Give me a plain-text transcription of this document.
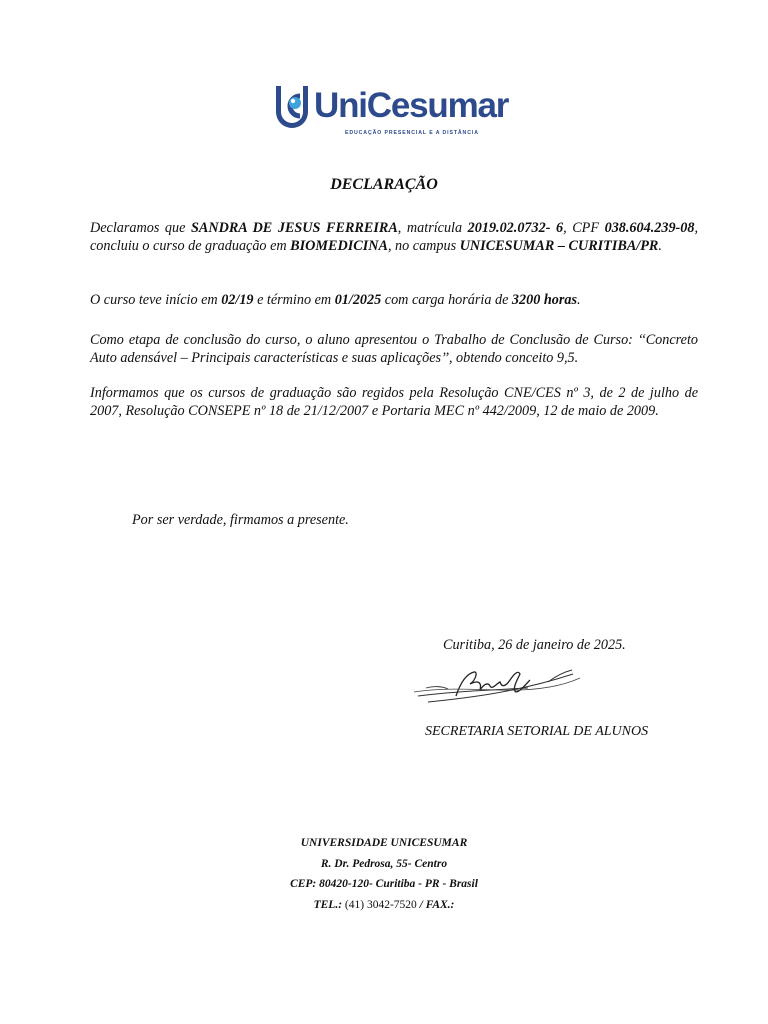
UniCesumar
EDUCAÇÃO PRESENCIAL E A DISTÂNCIA
DECLARAÇÃO
Declaramos que SANDRA DE JESUS FERREIRA, matrícula 2019.02.0732- 6, CPF 038.604.239-08, concluiu o curso de graduação em BIOMEDICINA, no campus UNICESUMAR – CURITIBA/PR.
O curso teve início em 02/19 e término em 01/2025 com carga horária de 3200 horas.
Como etapa de conclusão do curso, o aluno apresentou o Trabalho de Conclusão de Curso: ‘‘Concreto Auto adensável – Principais características e suas aplicações’’, obtendo conceito 9,5.
Informamos que os cursos de graduação são regidos pela Resolução CNE/CES nº 3, de 2 de julho de 2007, Resolução CONSEPE nº 18 de 21/12/2007 e Portaria MEC nº 442/2009, 12 de maio de 2009.
Por ser verdade, firmamos a presente.
Curitiba, 26 de janeiro de 2025.
SECRETARIA SETORIAL DE ALUNOS
UNIVERSIDADE UNICESUMAR
R. Dr. Pedrosa, 55- Centro
CEP: 80420-120- Curitiba - PR - Brasil
TEL.: (41) 3042-7520 / FAX.:
